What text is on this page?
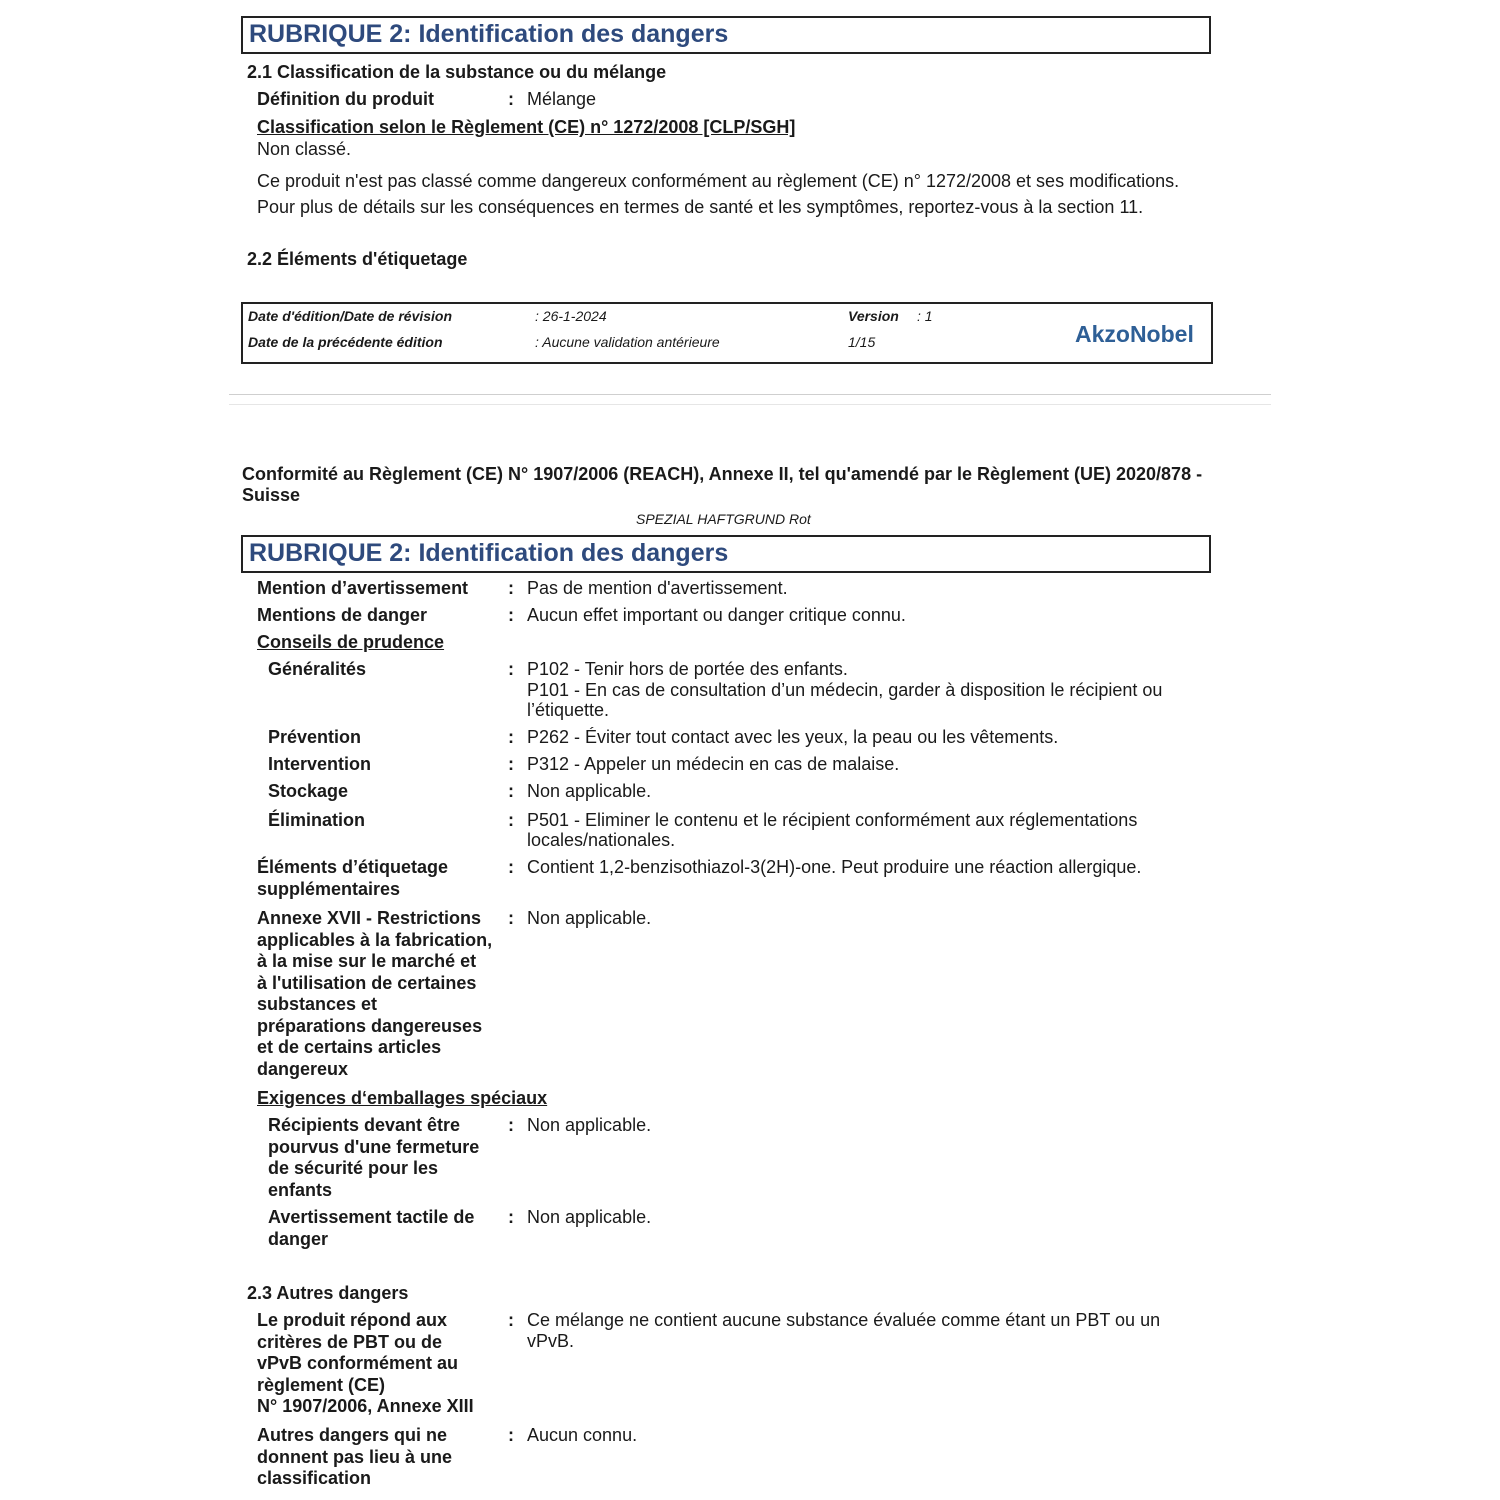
RUBRIQUE 2: Identification des dangers
2.1 Classification de la substance ou du mélange
Définition du produit	: Mélange
Classification selon le Règlement (CE) n° 1272/2008 [CLP/SGH]
Non classé.
Ce produit n'est pas classé comme dangereux conformément au règlement (CE) n° 1272/2008 et ses modifications.
Pour plus de détails sur les conséquences en termes de santé et les symptômes, reportez-vous à la section 11.
2.2 Éléments d'étiquetage
Date d'édition/Date de révision	: 26-1-2024	Version : 1
Date de la précédente édition	: Aucune validation antérieure	1/15	AkzoNobel
Conformité au Règlement (CE) N° 1907/2006 (REACH), Annexe II, tel qu'amendé par le Règlement (UE) 2020/878 -
Suisse
SPEZIAL HAFTGRUND Rot
RUBRIQUE 2: Identification des dangers
Mention d’avertissement : Pas de mention d'avertissement.
Mentions de danger	: Aucun effet important ou danger critique connu.
Conseils de prudence
Généralités	: P102 - Tenir hors de portée des enfants.
P101 - En cas de consultation d’un médecin, garder à disposition le récipient ou
l’étiquette.
Prévention	: P262 - Éviter tout contact avec les yeux, la peau ou les vêtements.
Intervention	: P312 - Appeler un médecin en cas de malaise.
Stockage	: Non applicable.
Élimination	: P501 - Eliminer le contenu et le récipient conformément aux réglementations
locales/nationales.
Éléments d’étiquetage
supplémentaires
: Contient 1,2-benzisothiazol-3(2H)-one. Peut produire une réaction allergique.
Annexe XVII - Restrictions
applicables à la fabrication,
à la mise sur le marché et
à l'utilisation de certaines
substances et
préparations dangereuses
et de certains articles
dangereux
: Non applicable.
Exigences d‘emballages spéciaux
Récipients devant être
pourvus d'une fermeture
de sécurité pour les
enfants
: Non applicable.
Avertissement tactile de
danger
: Non applicable.
2.3 Autres dangers
Le produit répond aux
critères de PBT ou de
vPvB conformément au
règlement (CE)
N° 1907/2006, Annexe XIII
: Ce mélange ne contient aucune substance évaluée comme étant un PBT ou un
vPvB.
Autres dangers qui ne
donnent pas lieu à une
classification
: Aucun connu.
